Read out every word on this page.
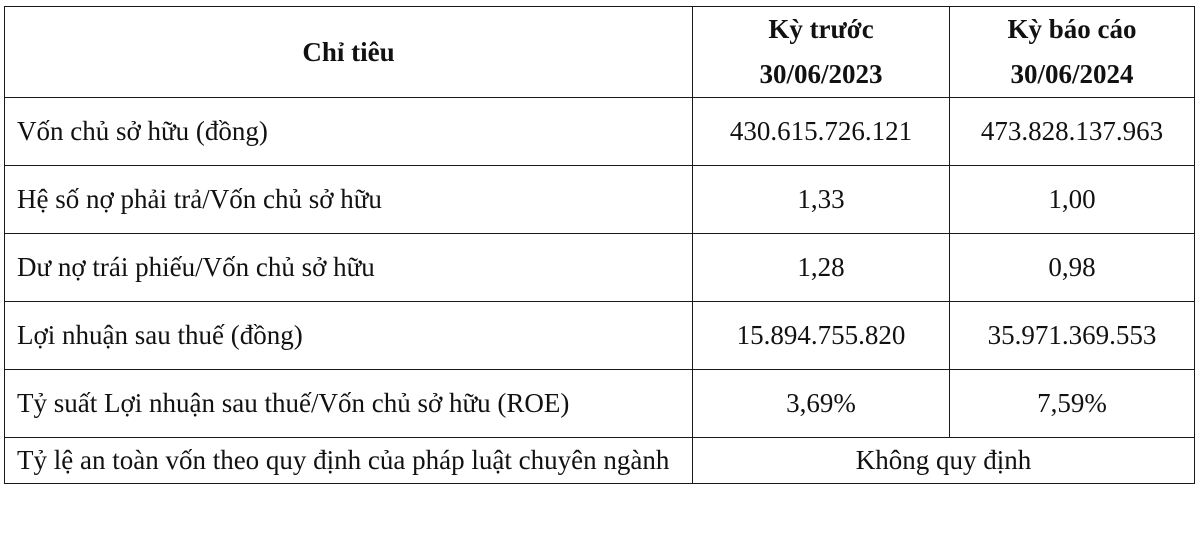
Chỉ tiêu	Kỳ trước	Kỳ báo cáo
	30/06/2023	30/06/2024
Vốn chủ sở hữu (đồng)	430.615.726.121	473.828.137.963
Hệ số nợ phải trả/Vốn chủ sở hữu	1,33	1,00
Dư nợ trái phiếu/Vốn chủ sở hữu	1,28	0,98
Lợi nhuận sau thuế (đồng)	15.894.755.820	35.971.369.553
Tỷ suất Lợi nhuận sau thuế/Vốn chủ sở hữu (ROE)	3,69%	7,59%
Tỷ lệ an toàn vốn theo quy định của pháp luật chuyên ngành	Không quy định	
